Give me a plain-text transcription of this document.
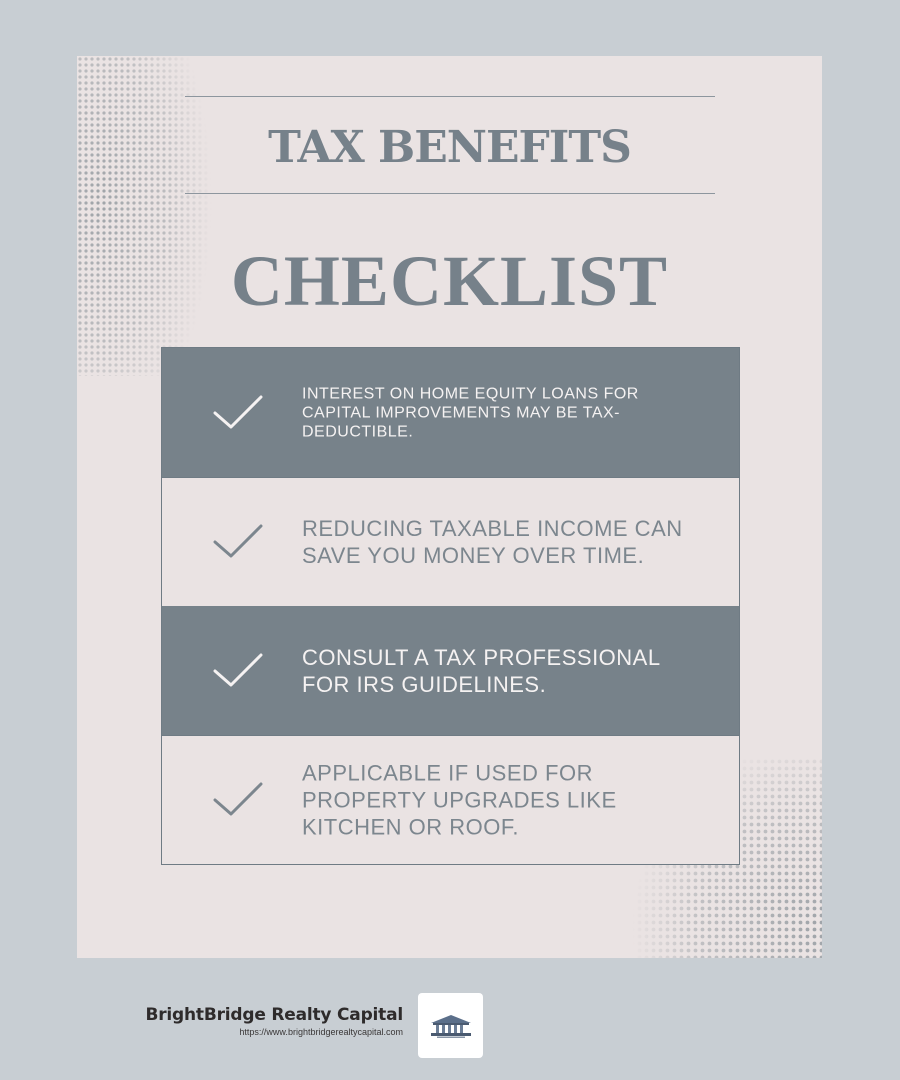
TAX BENEFITS
CHECKLIST

INTEREST ON HOME EQUITY LOANS FOR CAPITAL IMPROVEMENTS MAY BE TAX-DEDUCTIBLE.

REDUCING TAXABLE INCOME CAN SAVE YOU MONEY OVER TIME.

CONSULT A TAX PROFESSIONAL FOR IRS GUIDELINES.

APPLICABLE IF USED FOR PROPERTY UPGRADES LIKE KITCHEN OR ROOF.

BrightBridge Realty Capital

https://www.brightbridgerealtycapital.com
